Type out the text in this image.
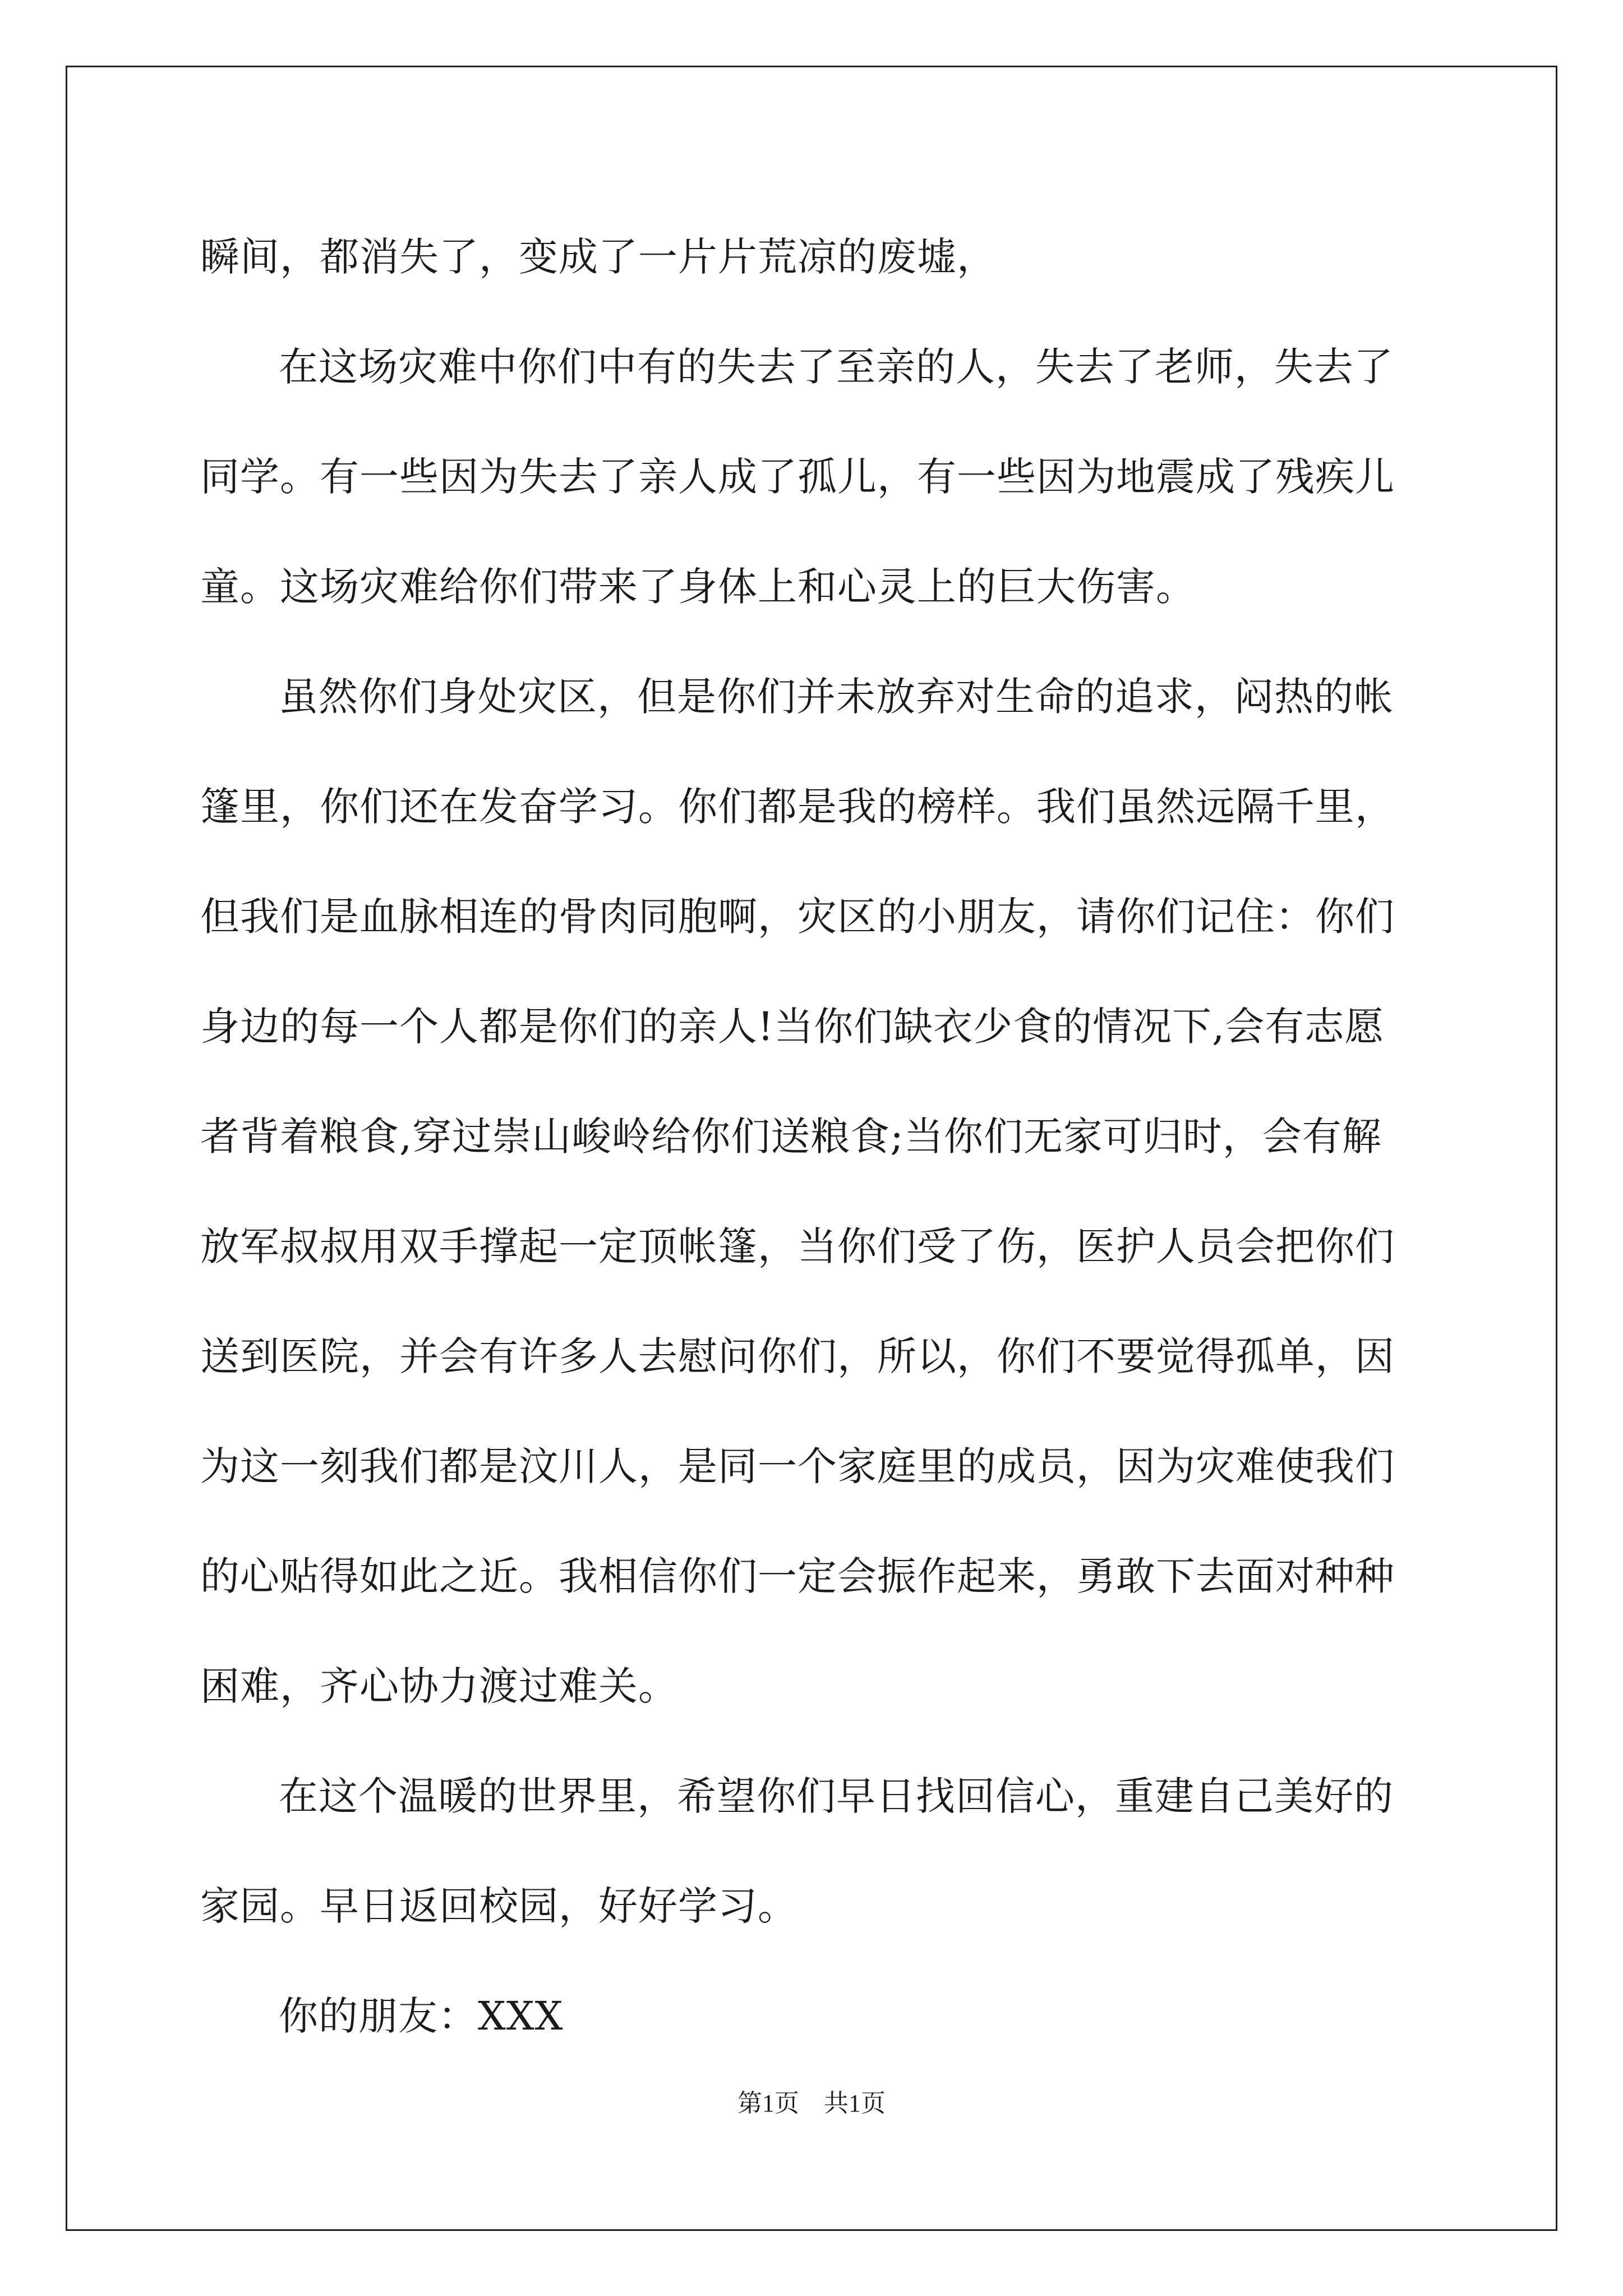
瞬间，都消失了，变成了一片片荒凉的废墟，
在这场灾难中你们中有的失去了至亲的人，失去了老师，失去了
同学。有一些因为失去了亲人成了孤儿，有一些因为地震成了残疾儿
童。这场灾难给你们带来了身体上和心灵上的巨大伤害。
虽然你们身处灾区，但是你们并未放弃对生命的追求，闷热的帐
篷里，你们还在发奋学习。你们都是我的榜样。我们虽然远隔千里，
但我们是血脉相连的骨肉同胞啊，灾区的小朋友，请你们记住：你们
身边的每一个人都是你们的亲人!当你们缺衣少食的情况下,会有志愿
者背着粮食,穿过崇山峻岭给你们送粮食;当你们无家可归时，会有解
放军叔叔用双手撑起一定顶帐篷，当你们受了伤，医护人员会把你们
送到医院，并会有许多人去慰问你们，所以，你们不要觉得孤单，因
为这一刻我们都是汶川人，是同一个家庭里的成员，因为灾难使我们
的心贴得如此之近。我相信你们一定会振作起来，勇敢下去面对种种
困难，齐心协力渡过难关。
在这个温暖的世界里，希望你们早日找回信心，重建自己美好的
家园。早日返回校园，好好学习。
你的朋友：XXX
第1页　共1页
